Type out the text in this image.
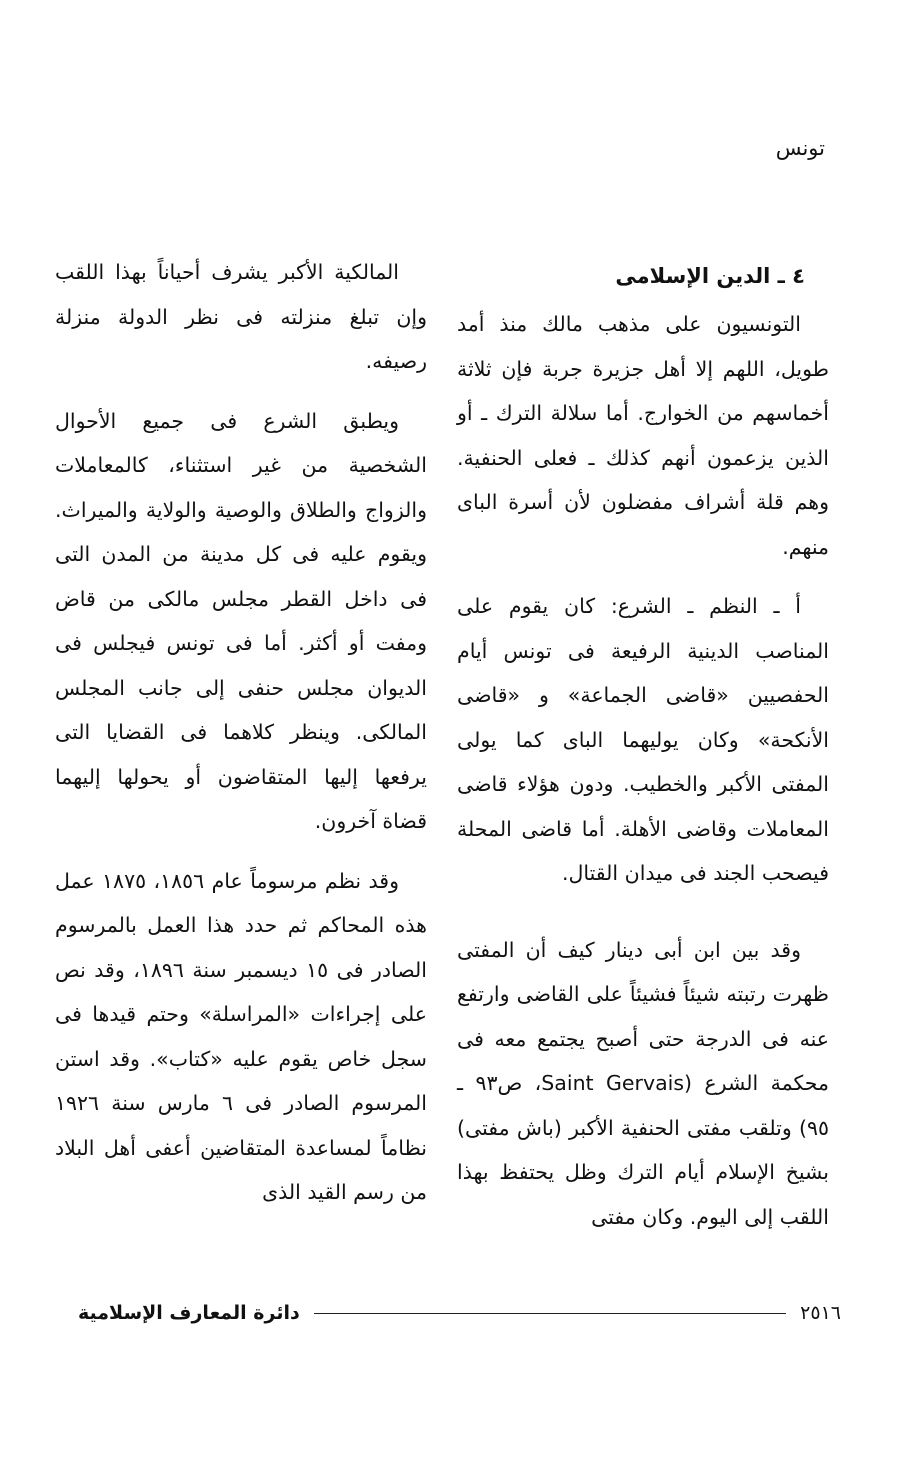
تونس
٤ ـ الدين الإسلامى

التونسيون على مذهب مالك منذ أمد طويل، اللهم إلا أهل جزيرة جربة فإن ثلاثة أخماسهم من الخوارج. أما سلالة الترك ـ أو الذين يزعمون أنهم كذلك ـ فعلى الحنفية. وهم قلة أشراف مفضلون لأن أسرة الباى منهم.

أ ـ النظم ـ الشرع: كان يقوم على المناصب الدينية الرفيعة فى تونس أيام الحفصيين «قاضى الجماعة» و «قاضى الأنكحة» وكان يوليهما الباى كما يولى المفتى الأكبر والخطيب. ودون هؤلاء قاضى المعاملات وقاضى الأهلة. أما قاضى المحلة فيصحب الجند فى ميدان القتال.

وقد بين ابن أبى دينار كيف أن المفتى ظهرت رتبته شيئاً فشيئاً على القاضى وارتفع عنه فى الدرجة حتى أصبح يجتمع معه فى محكمة الشرع (Saint Gervais، ص٩٣ ـ ٩٥) وتلقب مفتى الحنفية الأكبر (باش مفتى) بشيخ الإسلام أيام الترك وظل يحتفظ بهذا اللقب إلى اليوم. وكان مفتى

المالكية الأكبر يشرف أحياناً بهذا اللقب وإن تبلغ منزلته فى نظر الدولة منزلة رصيفه.

ويطبق الشرع فى جميع الأحوال الشخصية من غير استثناء، كالمعاملات والزواج والطلاق والوصية والولاية والميراث. ويقوم عليه فى كل مدينة من المدن التى فى داخل القطر مجلس مالكى من قاض ومفت أو أكثر. أما فى تونس فيجلس فى الديوان مجلس حنفى إلى جانب المجلس المالكى. وينظر كلاهما فى القضايا التى يرفعها إليها المتقاضون أو يحولها إليهما قضاة آخرون.

وقد نظم مرسوماً عام ١٨٥٦، ١٨٧٥ عمل هذه المحاكم ثم حدد هذا العمل بالمرسوم الصادر فى ١٥ ديسمبر سنة ١٨٩٦، وقد نص على إجراءات «المراسلة» وحتم قيدها فى سجل خاص يقوم عليه «كتاب». وقد استن المرسوم الصادر فى ٦ مارس سنة ١٩٢٦ نظاماً لمساعدة المتقاضين أعفى أهل البلاد من رسم القيد الذى

٢٥١٦
دائرة المعارف الإسلامية
